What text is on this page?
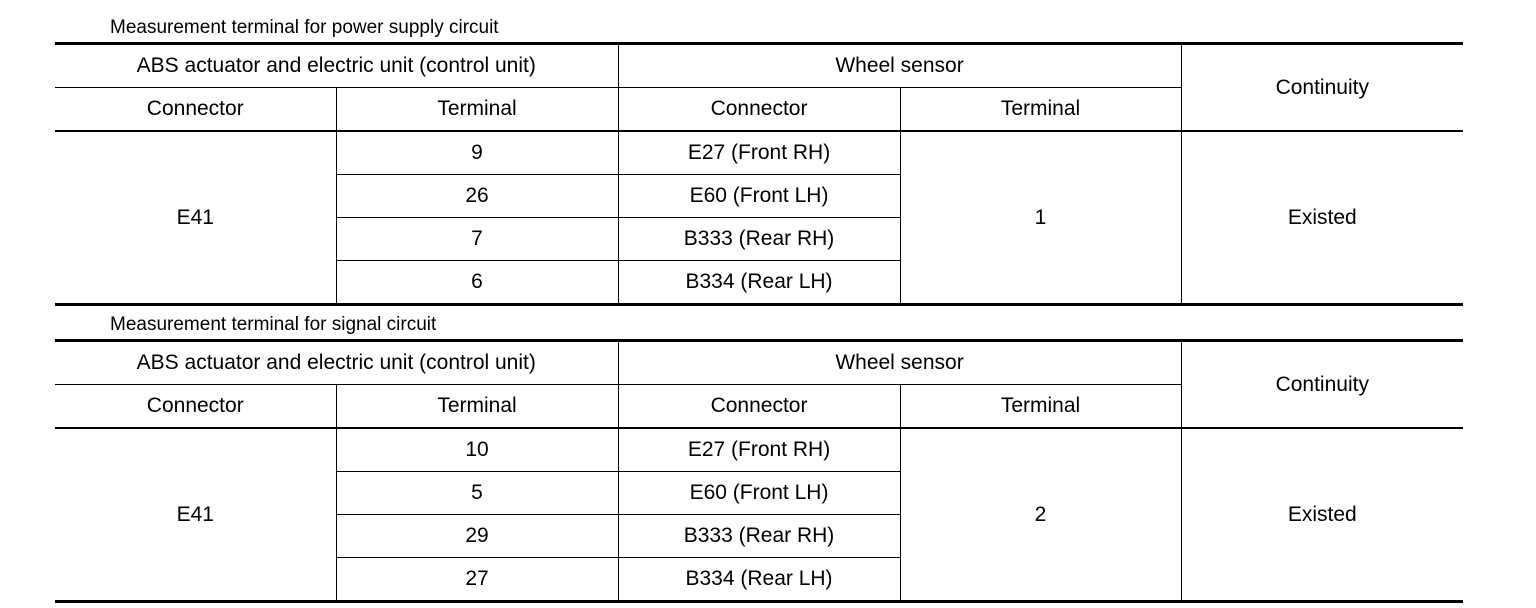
Measurement terminal for power supply circuit
ABS actuator and electric unit (control unit)		Wheel sensor		Continuity
Connector	Terminal	Connector	Terminal	
E41	9	E27 (Front RH)	1	Existed
	26	E60 (Front LH)		
	7	B333 (Rear RH)		
	6	B334 (Rear LH)		
Measurement terminal for signal circuit
ABS actuator and electric unit (control unit)		Wheel sensor		Continuity
Connector	Terminal	Connector	Terminal	
E41	10	E27 (Front RH)	2	Existed
	5	E60 (Front LH)		
	29	B333 (Rear RH)		
	27	B334 (Rear LH)		
